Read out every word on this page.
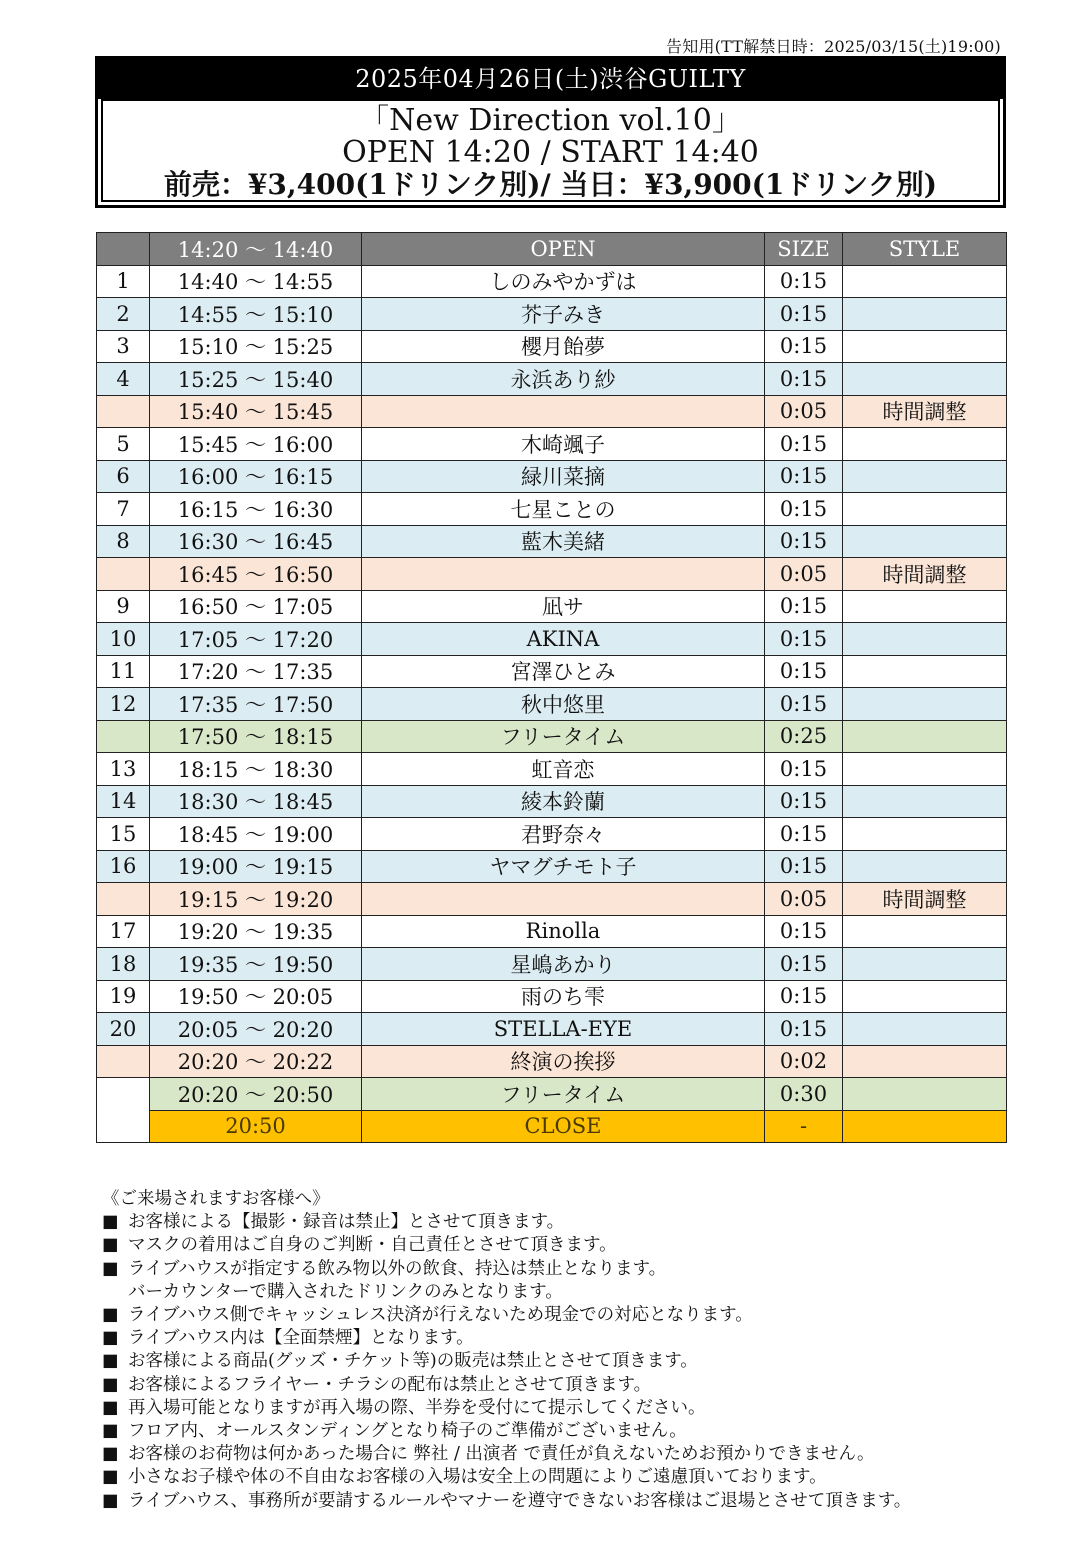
告知用(TT解禁日時：2025/03/15(土)19:00)
2025年04月26日(土)渋谷GUILTY
「New Direction vol.10」
OPEN 14:20 / START 14:40
前売：¥3,400(1ドリンク別)/ 当日：¥3,900(1ドリンク別)
	14:20 ～ 14:40	OPEN	SIZE	STYLE
1	14:40 ～ 14:55	しのみやかずは	0:15	
2	14:55 ～ 15:10	芥子みき	0:15	
3	15:10 ～ 15:25	櫻月飴夢	0:15	
4	15:25 ～ 15:40	永浜あり紗	0:15	
	15:40 ～ 15:45		0:05	時間調整
5	15:45 ～ 16:00	木崎颯子	0:15	
6	16:00 ～ 16:15	緑川菜摘	0:15	
7	16:15 ～ 16:30	七星ことの	0:15	
8	16:30 ～ 16:45	藍木美緒	0:15	
	16:45 ～ 16:50		0:05	時間調整
9	16:50 ～ 17:05	凪サ	0:15	
10	17:05 ～ 17:20	AKINA	0:15	
11	17:20 ～ 17:35	宮澤ひとみ	0:15	
12	17:35 ～ 17:50	秋中悠里	0:15	
	17:50 ～ 18:15	フリータイム	0:25	
13	18:15 ～ 18:30	虹音恋	0:15	
14	18:30 ～ 18:45	綾本鈴蘭	0:15	
15	18:45 ～ 19:00	君野奈々	0:15	
16	19:00 ～ 19:15	ヤマグチモト子	0:15	
	19:15 ～ 19:20		0:05	時間調整
17	19:20 ～ 19:35	Rinolla	0:15	
18	19:35 ～ 19:50	星嶋あかり	0:15	
19	19:50 ～ 20:05	雨のち雫	0:15	
20	20:05 ～ 20:20	STELLA-EYE	0:15	
	20:20 ～ 20:22	終演の挨拶	0:02	
	20:20 ～ 20:50	フリータイム	0:30	
	20:50	CLOSE	-	
《ご来場されますお客様へ》
■ お客様による【撮影・録音は禁止】とさせて頂きます。
■ マスクの着用はご自身のご判断・自己責任とさせて頂きます。
■ ライブハウスが指定する飲み物以外の飲食、持込は禁止となります。
バーカウンターで購入されたドリンクのみとなります。
■ ライブハウス側でキャッシュレス決済が行えないため現金での対応となります。
■ ライブハウス内は【全面禁煙】となります。
■ お客様による商品(グッズ・チケット等)の販売は禁止とさせて頂きます。
■ お客様によるフライヤー・チラシの配布は禁止とさせて頂きます。
■ 再入場可能となりますが再入場の際、半券を受付にて提示してください。
■ フロア内、オールスタンディングとなり椅子のご準備がございません。
■ お客様のお荷物は何かあった場合に 弊社 / 出演者 で責任が負えないためお預かりできません。
■ 小さなお子様や体の不自由なお客様の入場は安全上の問題によりご遠慮頂いております。
■ ライブハウス、事務所が要請するルールやマナーを遵守できないお客様はご退場とさせて頂きます。
